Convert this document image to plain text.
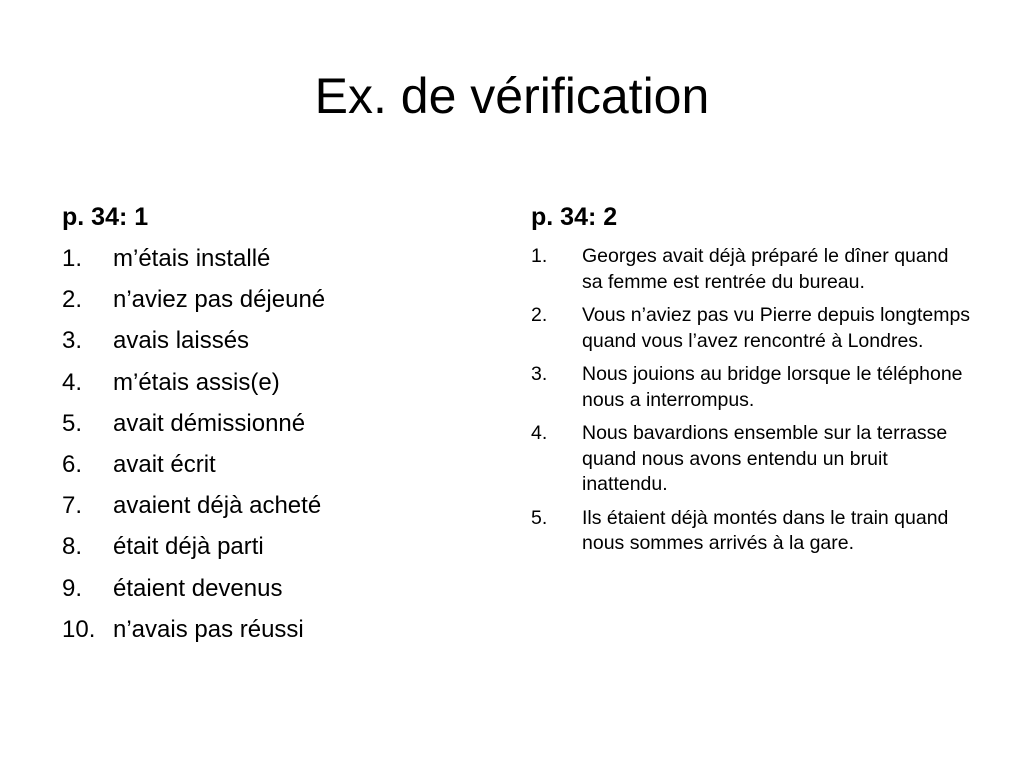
Ex. de vérification
p. 34: 1
1.	m’étais installé
2.	n’aviez pas déjeuné
3.	avais laissés
4.	m’étais assis(e)
5.	avait démissionné
6.	avait écrit
7.	avaient déjà acheté
8.	était déjà parti
9.	étaient devenus
10. n’avais pas réussi
p. 34: 2
1.	Georges avait déjà préparé le dîner quand sa femme est rentrée du bureau.
2.	Vous n’aviez pas vu Pierre depuis longtemps quand vous l’avez rencontré à Londres.
3.	Nous jouions au bridge lorsque le téléphone nous a interrompus.
4.	Nous bavardions ensemble sur la terrasse quand nous avons entendu un bruit inattendu.
5.	Ils étaient déjà montés dans le train quand nous sommes arrivés à la gare.
